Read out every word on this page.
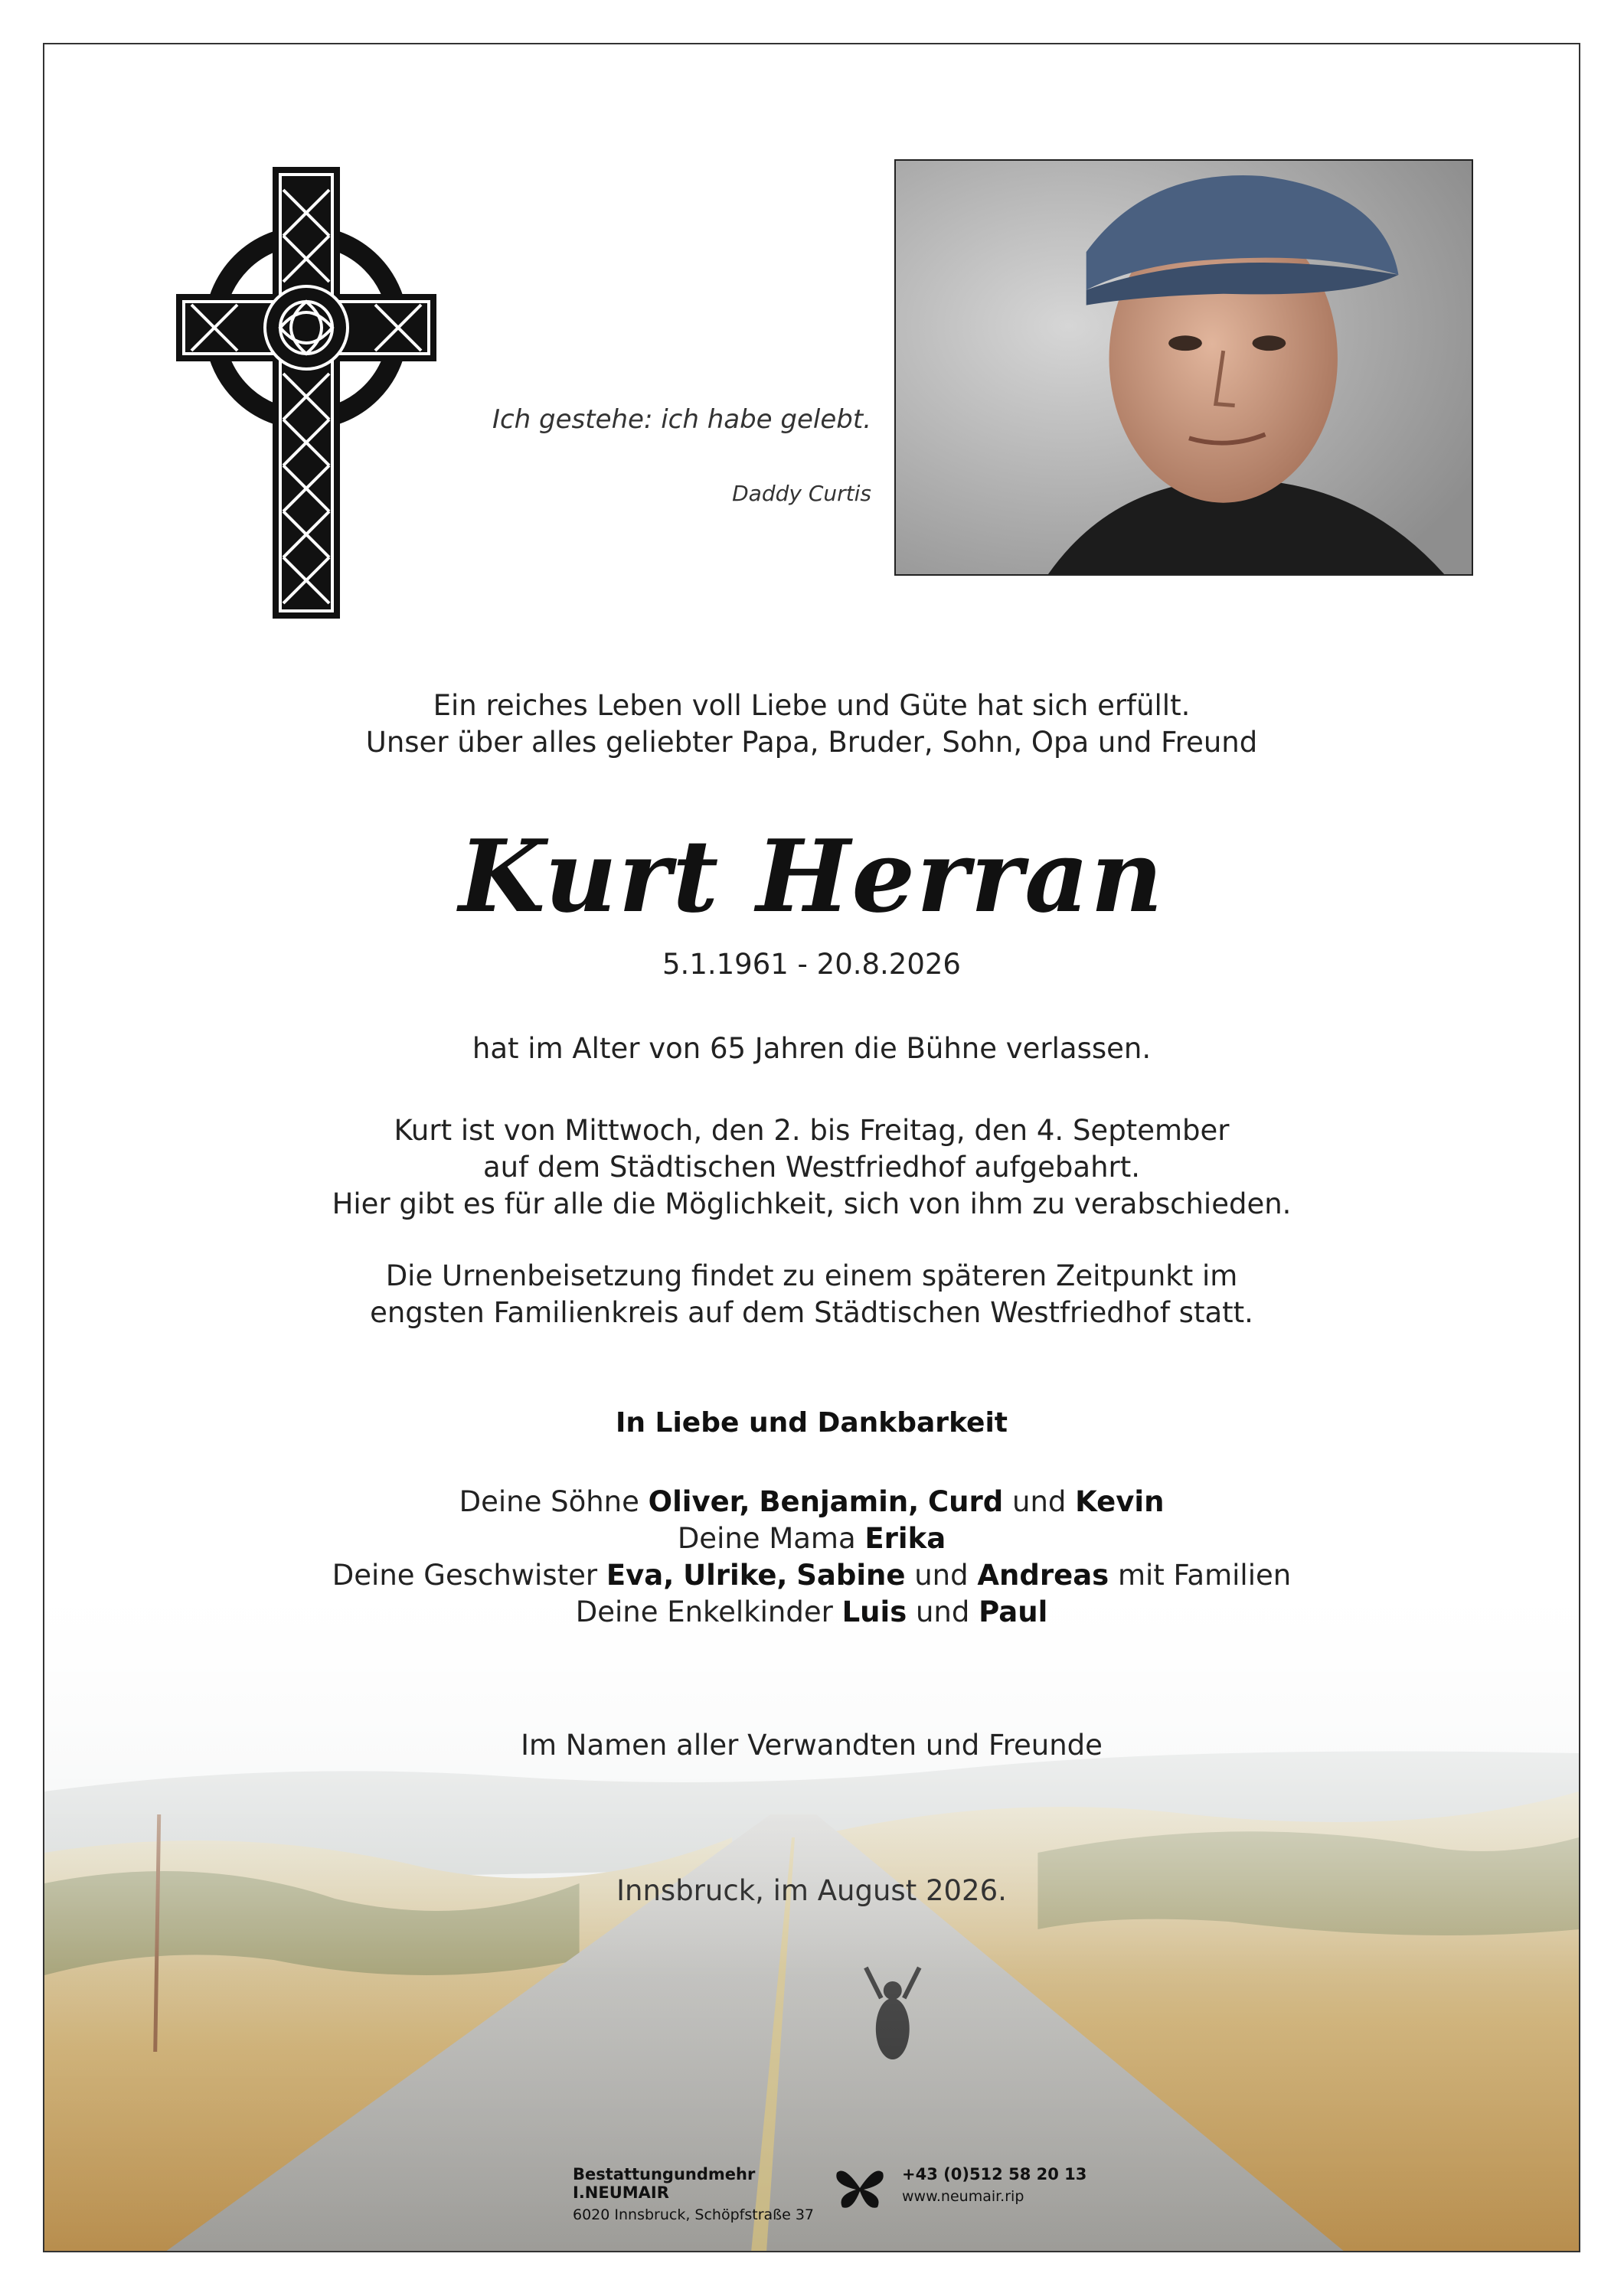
Ich gestehe: ich habe gelebt.
Daddy Curtis
Ein reiches Leben voll Liebe und Güte hat sich erfüllt.
Unser über alles geliebter Papa, Bruder, Sohn, Opa und Freund
Kurt Herran
5.1.1961 - 20.8.2026
hat im Alter von 65 Jahren die Bühne verlassen.
Kurt ist von Mittwoch, den 2. bis Freitag, den 4. September
auf dem Städtischen Westfriedhof aufgebahrt.
Hier gibt es für alle die Möglichkeit, sich von ihm zu verabschieden.
Die Urnenbeisetzung findet zu einem späteren Zeitpunkt im
engsten Familienkreis auf dem Städtischen Westfriedhof statt.
In Liebe und Dankbarkeit
Deine Söhne Oliver, Benjamin, Curd und Kevin
Deine Mama Erika
Deine Geschwister Eva, Ulrike, Sabine und Andreas mit Familien
Deine Enkelkinder Luis und Paul
Im Namen aller Verwandten und Freunde
Innsbruck, im August 2026.
Bestattungundmehr I.NEUMAIR
6020 Innsbruck, Schöpfstraße 37
+43 (0)512 58 20 13
www.neumair.rip
